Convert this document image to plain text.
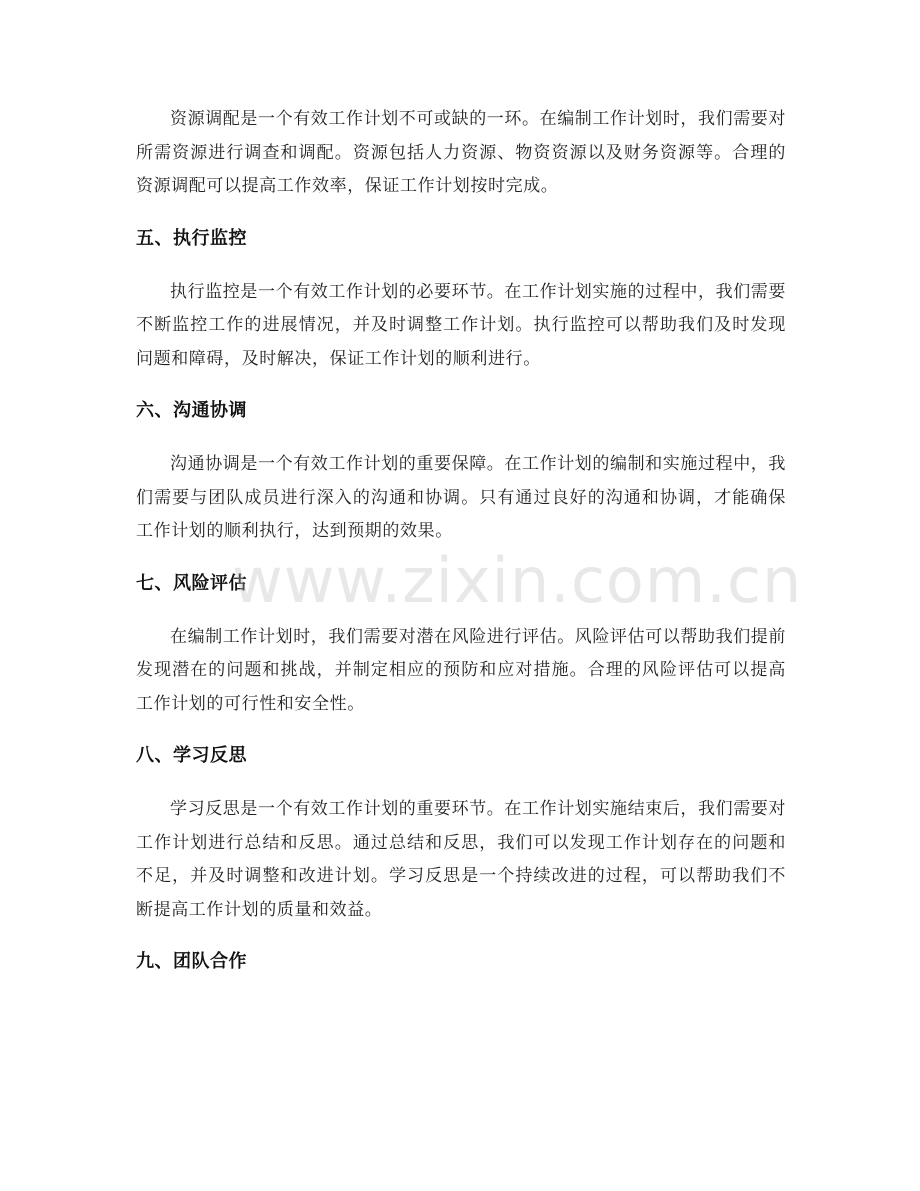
资源调配是一个有效工作计划不可或缺的一环。在编制工作计划时，我们需要对所需资源进行调查和调配。资源包括人力资源、物资资源以及财务资源等。合理的资源调配可以提高工作效率，保证工作计划按时完成。

五、执行监控

执行监控是一个有效工作计划的必要环节。在工作计划实施的过程中，我们需要不断监控工作的进展情况，并及时调整工作计划。执行监控可以帮助我们及时发现问题和障碍，及时解决，保证工作计划的顺利进行。

六、沟通协调

沟通协调是一个有效工作计划的重要保障。在工作计划的编制和实施过程中，我们需要与团队成员进行深入的沟通和协调。只有通过良好的沟通和协调，才能确保工作计划的顺利执行，达到预期的效果。

七、风险评估

在编制工作计划时，我们需要对潜在风险进行评估。风险评估可以帮助我们提前发现潜在的问题和挑战，并制定相应的预防和应对措施。合理的风险评估可以提高工作计划的可行性和安全性。

八、学习反思

学习反思是一个有效工作计划的重要环节。在工作计划实施结束后，我们需要对工作计划进行总结和反思。通过总结和反思，我们可以发现工作计划存在的问题和不足，并及时调整和改进计划。学习反思是一个持续改进的过程，可以帮助我们不断提高工作计划的质量和效益。

九、团队合作
www.zixin.com.cn
